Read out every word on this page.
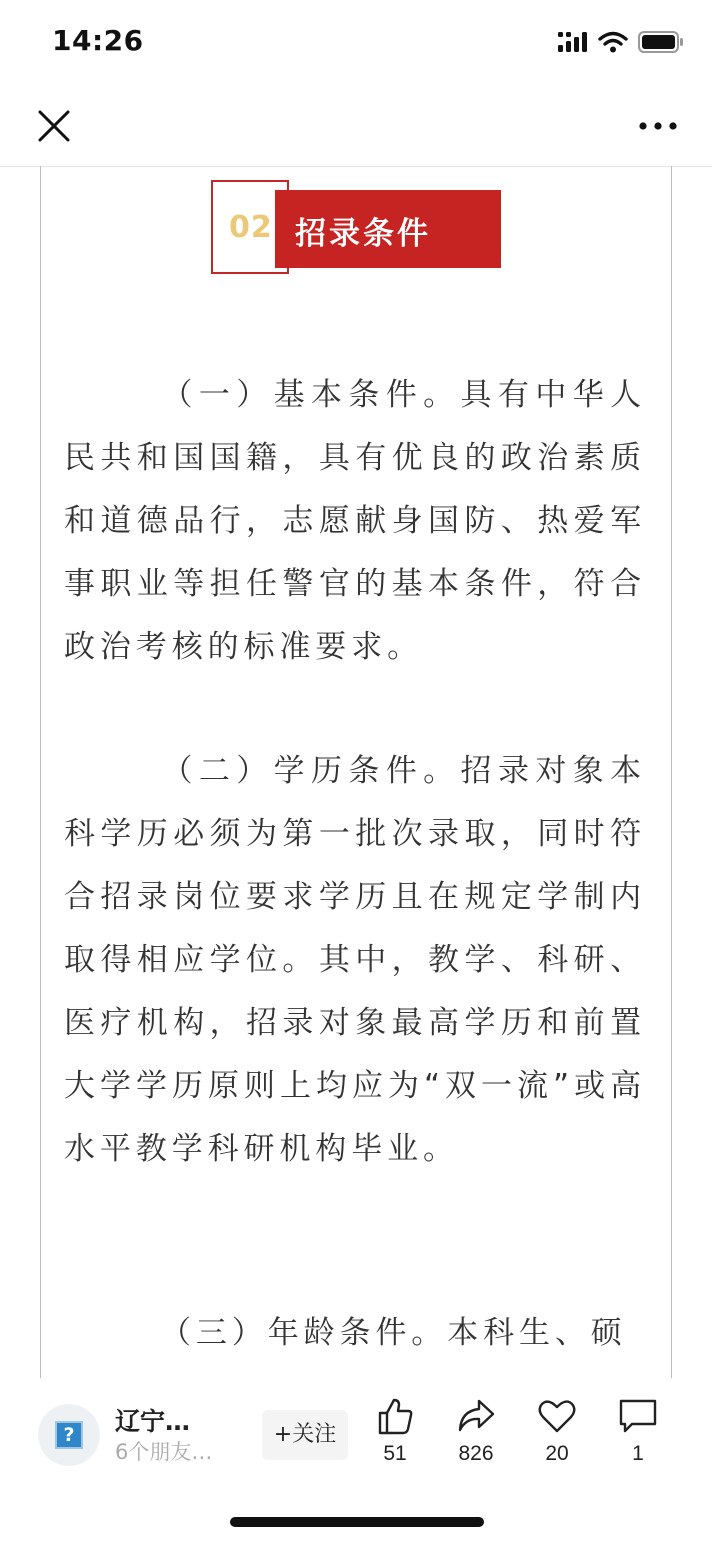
14:26
02 招录条件

（一）基本条件。具有中华人民共和国国籍，具有优良的政治素质和道德品行，志愿献身国防、热爱军事职业等担任警官的基本条件，符合政治考核的标准要求。

（二）学历条件。招录对象本科学历必须为第一批次录取，同时符合招录岗位要求学历且在规定学制内取得相应学位。其中，教学、科研、医疗机构，招录对象最高学历和前置大学学历原则上均应为“双一流”或高水平教学科研机构毕业。

（三）年龄条件。本科生、硕

?	辽宁…
6个朋友…
+关注
51	826	20	1
